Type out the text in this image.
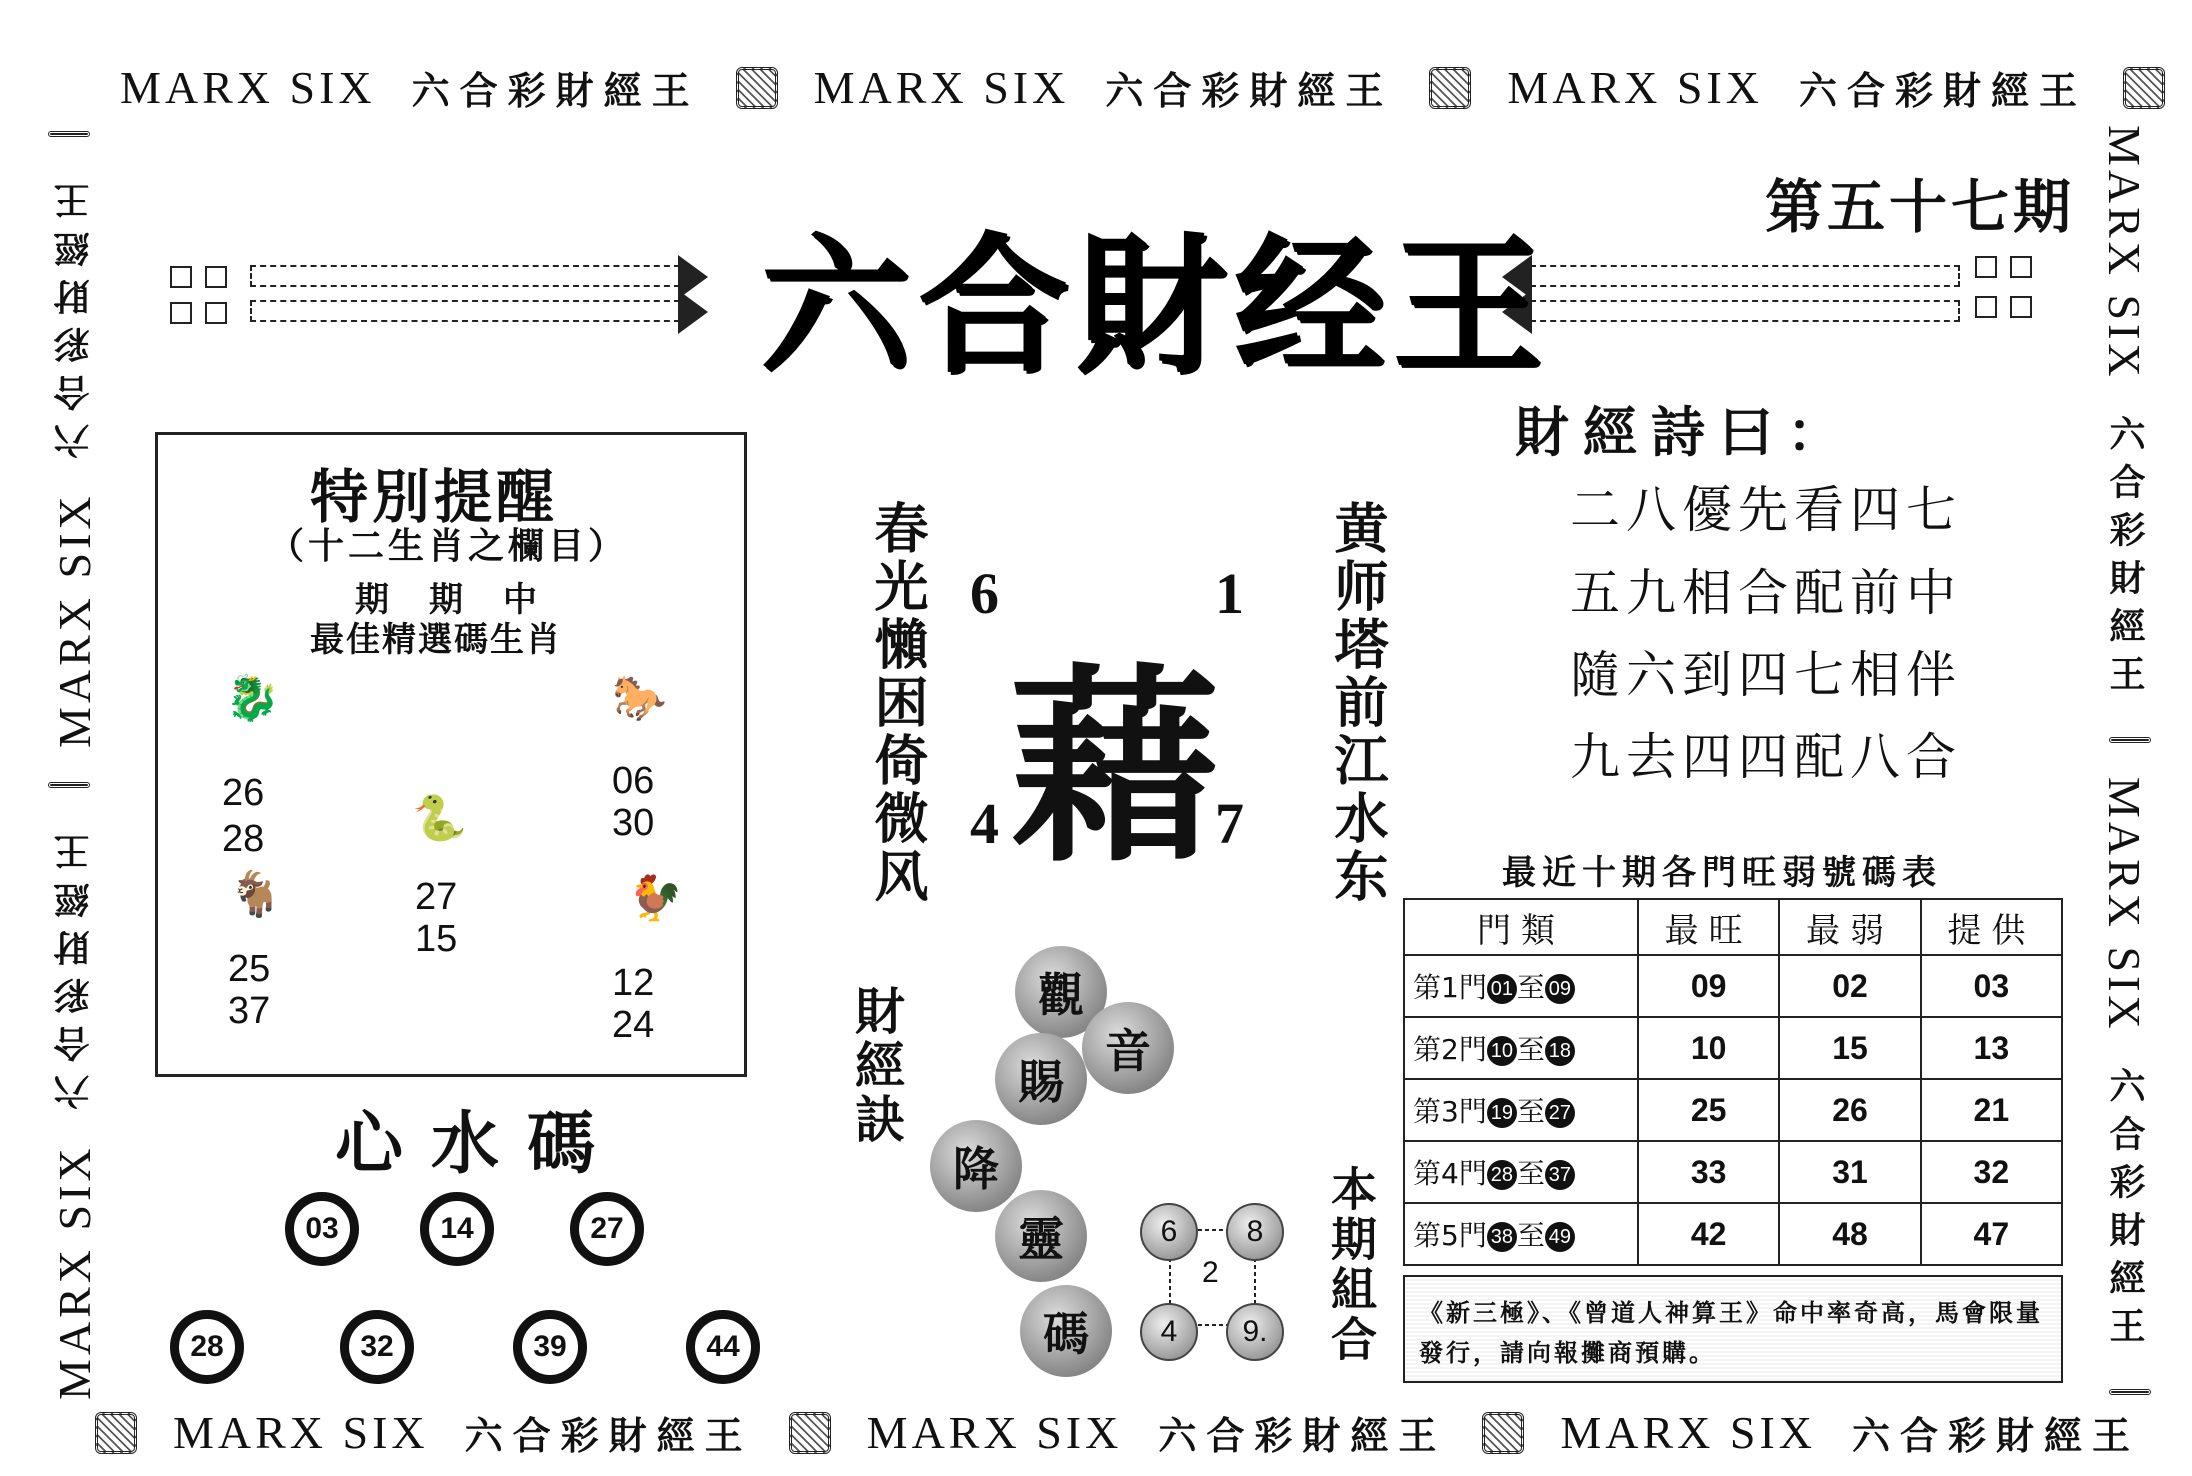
MARX SIX 六合彩財經王 MARX SIX 六合彩財經王 MARX SIX 六合彩財經王
MARX SIX 六合彩財經王 MARX SIX 六合彩財經王 MARX SIX 六合彩財經王
MARX SIX
六合彩財經王
MARX SIX
六合彩財經王	MARX SIX
六合彩財經王
MARX SIX
六合彩財經王
六合財经王
第五十七期
特別提醒
（十二生肖之欄目）
期期中
最佳精選碼生肖
🐉
26
28	🐍
27
15
🐎
06
30
🐐
25
37
🐓
12
24
春光懶困倚微风	黄师塔前江水东
6	1
4	7
藉
財經詩曰：
二八優先看四七
五九相合配前中
隨六到四七相伴
九去四四配八合
心水碼
03	14	27
28	32	39	44
財經訣	觀
音
賜
降
靈
碼
6	8
2
4	9.	本期組合
最近十期各門旺弱號碼表
門類	最旺	最弱	提供
第1門 01 至 09	09	02	03
第2門 10 至 18	10	15	13
第3門 19 至 27	25	26	21
第4門 28 至 37	33	31	32
第5門 38 至 49	42	48	47
《新三極》、《曾道人神算王》命中率奇高，馬會限量發行，請向報攤商預購。
